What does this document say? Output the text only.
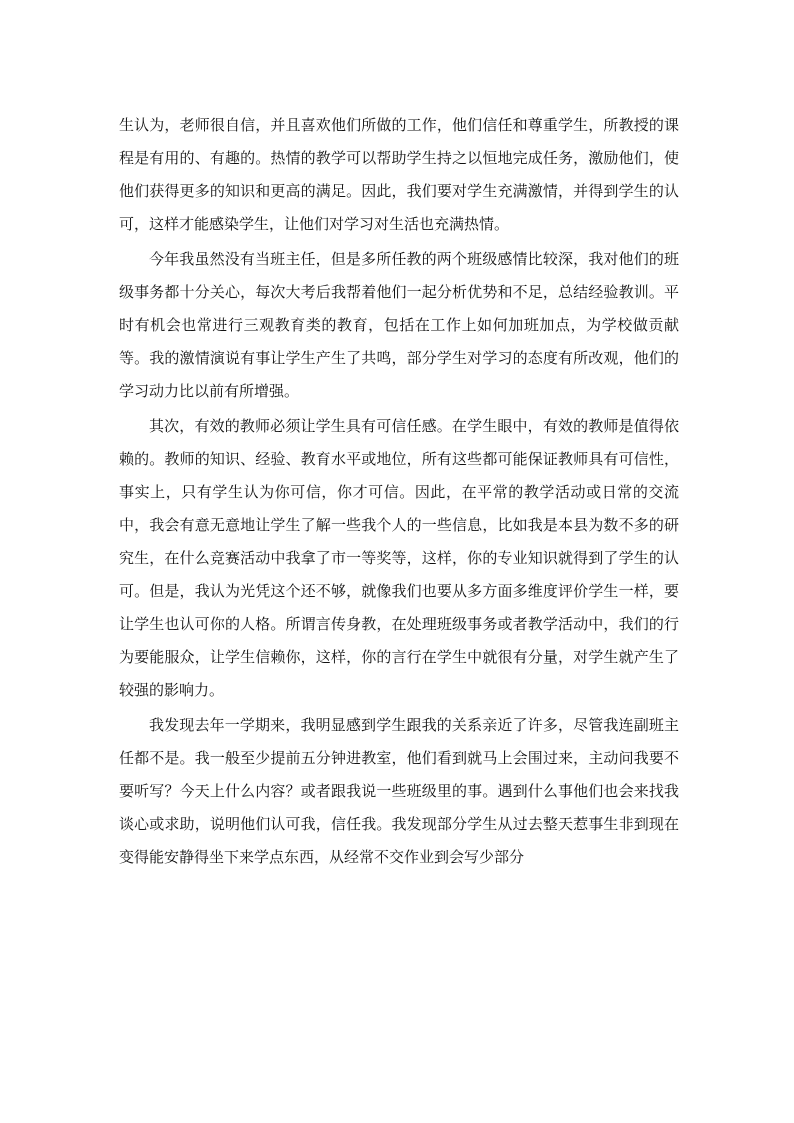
生认为，老师很自信，并且喜欢他们所做的工作，他们信任和尊重学生，所教授的课程是有用的、有趣的。热情的教学可以帮助学生持之以恒地完成任务，激励他们，使他们获得更多的知识和更高的满足。因此，我们要对学生充满激情，并得到学生的认可，这样才能感染学生，让他们对学习对生活也充满热情。

今年我虽然没有当班主任，但是多所任教的两个班级感情比较深，我对他们的班级事务都十分关心，每次大考后我帮着他们一起分析优势和不足，总结经验教训。平时有机会也常进行三观教育类的教育，包括在工作上如何加班加点，为学校做贡献等。我的激情演说有事让学生产生了共鸣，部分学生对学习的态度有所改观，他们的学习动力比以前有所增强。

其次，有效的教师必须让学生具有可信任感。在学生眼中，有效的教师是值得依赖的。教师的知识、经验、教育水平或地位，所有这些都可能保证教师具有可信性，事实上，只有学生认为你可信，你才可信。因此，在平常的教学活动或日常的交流中，我会有意无意地让学生了解一些我个人的一些信息，比如我是本县为数不多的研究生，在什么竞赛活动中我拿了市一等奖等，这样，你的专业知识就得到了学生的认可。但是，我认为光凭这个还不够，就像我们也要从多方面多维度评价学生一样，要让学生也认可你的人格。所谓言传身教，在处理班级事务或者教学活动中，我们的行为要能服众，让学生信赖你，这样，你的言行在学生中就很有分量，对学生就产生了较强的影响力。

我发现去年一学期来，我明显感到学生跟我的关系亲近了许多，尽管我连副班主任都不是。我一般至少提前五分钟进教室，他们看到就马上会围过来，主动问我要不要听写？今天上什么内容？或者跟我说一些班级里的事。遇到什么事他们也会来找我谈心或求助，说明他们认可我，信任我。我发现部分学生从过去整天惹事生非到现在变得能安静得坐下来学点东西，从经常不交作业到会写少部分
